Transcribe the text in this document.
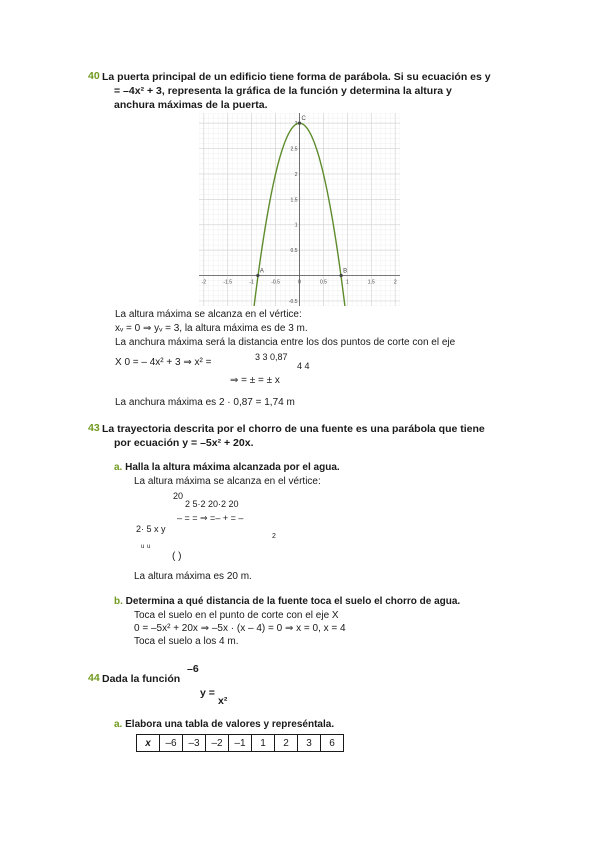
40 La puerta principal de un edificio tiene forma de parábola. Si su ecuación es y
= –4x² + 3, representa la gráfica de la función y determina la altura y
anchura máximas de la puerta.
-2	-1.5	-1	-0.5	0	0.5	1	1.5	2
-0.5
0.5
1
1.5
2
2.5
3
A	B
C
La altura máxima se alcanza en el vértice:
xᵥ = 0 ⇒ yᵥ = 3, la altura máxima es de 3 m.
La anchura máxima será la distancia entre los dos puntos de corte con el eje
X 0 = – 4x² + 3 ⇒ x² =	3 3 0,87
4 4
⇒ = ± = ± x
La anchura máxima es 2 · 0,87 = 1,74 m
43 La trayectoria descrita por el chorro de una fuente es una parábola que tiene
por ecuación y = –5x² + 20x.
a. Halla la altura máxima alcanzada por el agua.
La altura máxima se alcanza en el vértice:
20
2 5·2 20·2 20
– = = ⇒ =– + = –
2· 5 x y
2
ᵘ ᵘ
( )
La altura máxima es 20 m.
b. Determina a qué distancia de la fuente toca el suelo el chorro de agua.
Toca el suelo en el punto de corte con el eje X
0 = –5x² + 20x ⇒ –5x · (x – 4) = 0 ⇒ x = 0, x = 4
Toca el suelo a los 4 m.
44 Dada la función
–6
y =
x²
a. Elabora una tabla de valores y represéntala.
x	–6	–3	–2	–1	1	2	3	6
